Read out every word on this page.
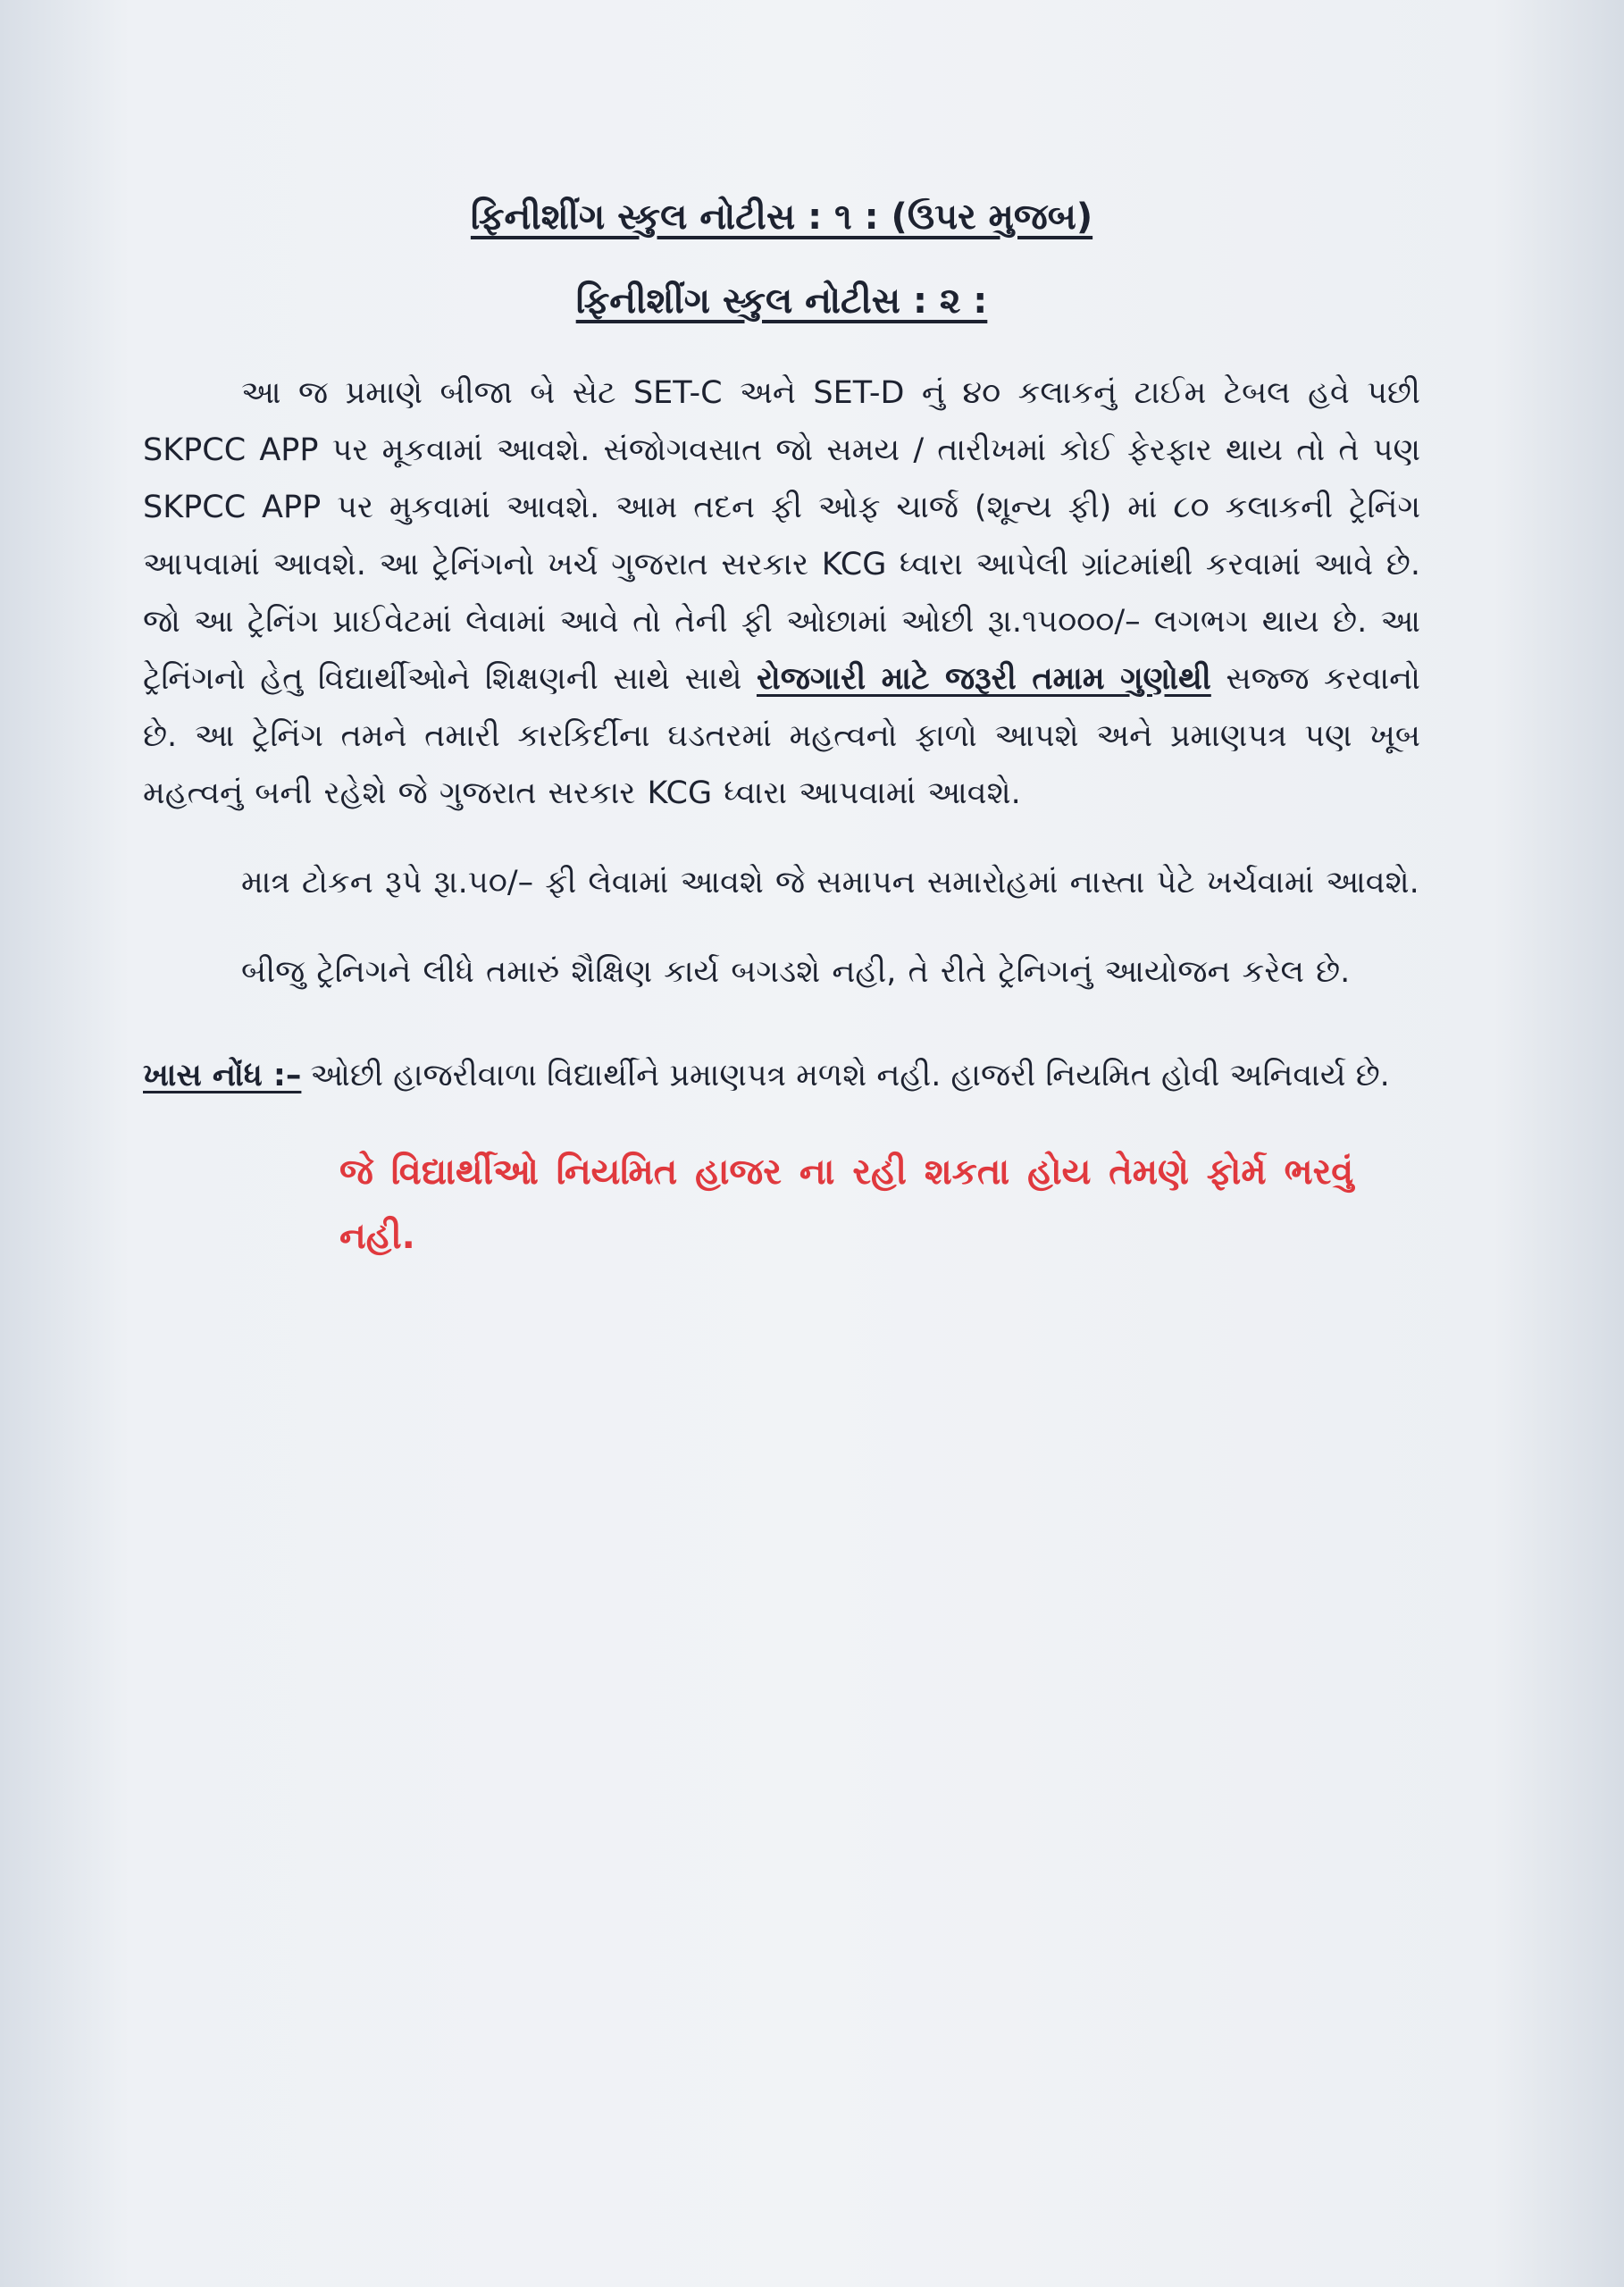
ફિનીશીંગ સ્કુલ નોટીસ : ૧ : (ઉપર મુજબ)
ફિનીશીંગ સ્કુલ નોટીસ : ૨ :

આ જ પ્રમાણે બીજા બે સેટ SET-C અને SET-D નું ૪૦ કલાકનું ટાઈમ ટેબલ હવે પછી SKPCC APP પર મૂકવામાં આવશે. સંજોગવસાત જો સમય / તારીખમાં કોઈ ફેરફાર થાય તો તે પણ SKPCC APP પર મુકવામાં આવશે. આમ તદન ફી ઓફ ચાર્જ (શૂન્ય ફી) માં ૮૦ કલાકની ટ્રેનિંગ આપવામાં આવશે. આ ટ્રેનિંગનો ખર્ચ ગુજરાત સરકાર KCG ધ્વારા આપેલી ગ્રાંટમાંથી કરવામાં આવે છે. જો આ ટ્રેનિંગ પ્રાઈવેટમાં લેવામાં આવે તો તેની ફી ઓછામાં ઓછી રૂા.૧૫૦૦૦/– લગભગ થાય છે. આ ટ્રેનિંગનો હેતુ વિદ્યાર્થીઓને શિક્ષણની સાથે સાથે રોજગારી માટે જરૂરી તમામ ગુણોથી સજ્જ કરવાનો છે. આ ટ્રેનિંગ તમને તમારી કારકિર્દીના ઘડતરમાં મહત્વનો ફાળો આપશે અને પ્રમાણપત્ર પણ ખૂબ મહત્વનું બની રહેશે જે ગુજરાત સરકાર KCG ધ્વારા આપવામાં આવશે.

માત્ર ટોકન રૂપે રૂા.૫૦/– ફી લેવામાં આવશે જે સમાપન સમારોહમાં નાસ્તા પેટે ખર્ચવામાં આવશે.

બીજુ ટ્રેનિગને લીધે તમારું શૈક્ષિણ કાર્ય બગડશે નહી, તે રીતે ટ્રેનિગનું આયોજન કરેલ છે.

ખાસ નોંધ :– ઓછી હાજરીવાળા વિદ્યાર્થીને પ્રમાણપત્ર મળશે નહી. હાજરી નિયમિત હોવી અનિવાર્ય છે.

જે વિદ્યાર્થીઓ નિયમિત હાજર ના રહી શકતા હોય તેમણે ફોર્મ ભરવું નહી.
